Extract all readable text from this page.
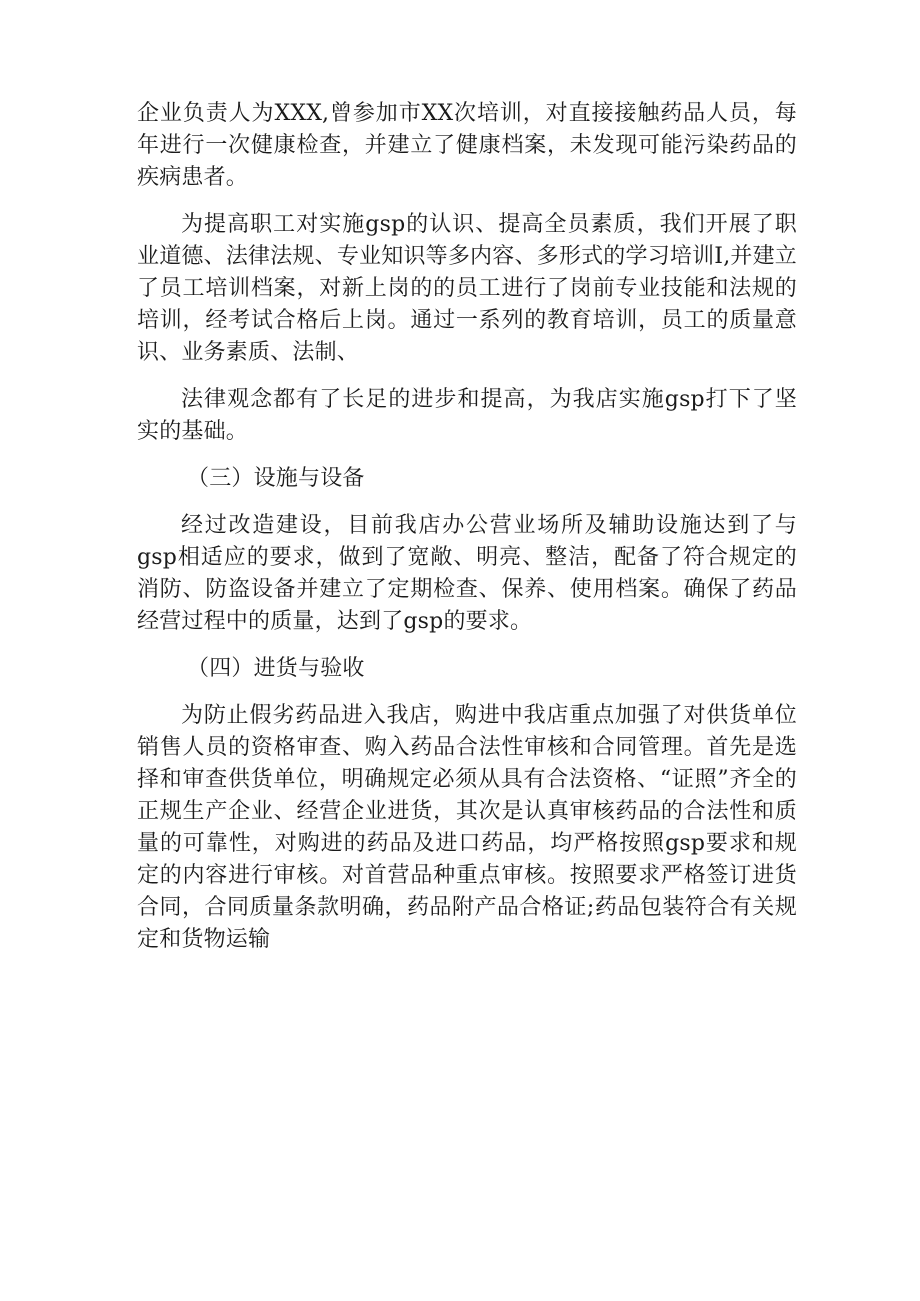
企业负责人为XXX,曾参加市XX次培训，对直接接触药品人员，每年进行一次健康检查，并建立了健康档案，未发现可能污染药品的疾病患者。

为提高职工对实施gsp的认识、提高全员素质，我们开展了职业道德、法律法规、专业知识等多内容、多形式的学习培训I,并建立了员工培训档案，对新上岗的的员工进行了岗前专业技能和法规的培训，经考试合格后上岗。通过一系列的教育培训，员工的质量意识、业务素质、法制、

法律观念都有了长足的进步和提高，为我店实施gsp打下了坚实的基础。

（三）设施与设备

经过改造建设，目前我店办公营业场所及辅助设施达到了与gsp相适应的要求，做到了宽敞、明亮、整洁，配备了符合规定的消防、防盗设备并建立了定期检查、保养、使用档案。确保了药品经营过程中的质量，达到了gsp的要求。

（四）进货与验收

为防止假劣药品进入我店，购进中我店重点加强了对供货单位销售人员的资格审查、购入药品合法性审核和合同管理。首先是选择和审查供货单位，明确规定必须从具有合法资格、“证照”齐全的正规生产企业、经营企业进货，其次是认真审核药品的合法性和质量的可靠性，对购进的药品及进口药品，均严格按照gsp要求和规定的内容进行审核。对首营品种重点审核。按照要求严格签订进货合同，合同质量条款明确，药品附产品合格证;药品包装符合有关规定和货物运输
